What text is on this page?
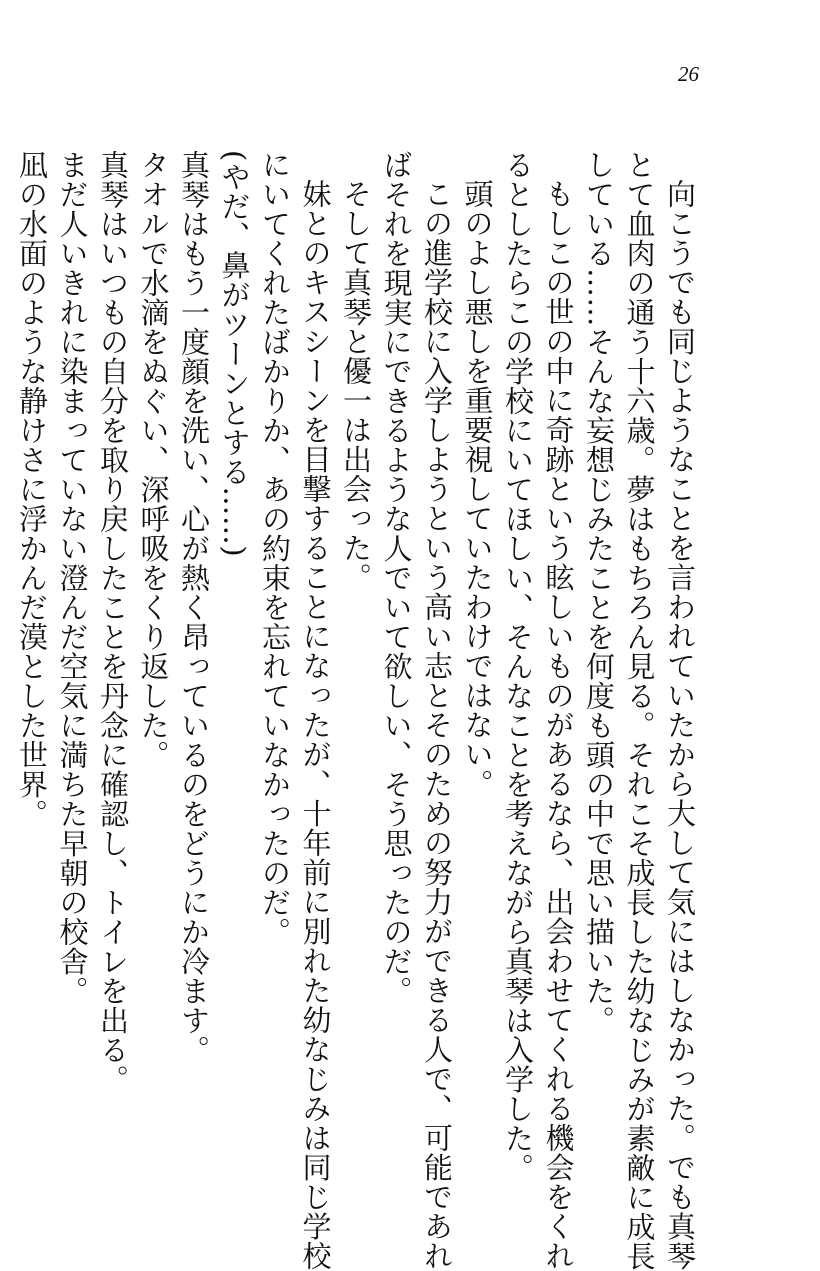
26

向こうでも同じようなことを言われていたから大して気にはしなかった。でも真琴

とて血肉の通う十六歳。夢はもちろん見る。それこそ成長した幼なじみが素敵に成長

している……そんな妄想じみたことを何度も頭の中で思い描いた。

もしこの世の中に奇跡という眩しいものがあるなら、出会わせてくれる機会をくれ

るとしたらこの学校にいてほしい、そんなことを考えながら真琴は入学した。

頭のよし悪しを重要視していたわけではない。

この進学校に入学しようという高い志とそのための努力ができる人で、可能であれ

ばそれを現実にできるような人でいて欲しい、そう思ったのだ。

そして真琴と優一は出会った。

妹とのキスシーンを目撃することになったが、十年前に別れた幼なじみは同じ学校

にいてくれたばかりか、あの約束を忘れていなかったのだ。

(やだ、鼻がツーンとする……)

真琴はもう一度顔を洗い、心が熱く昂っているのをどうにか冷ます。

タオルで水滴をぬぐい、深呼吸をくり返した。

真琴はいつもの自分を取り戻したことを丹念に確認し、トイレを出る。

まだ人いきれに染まっていない澄んだ空気に満ちた早朝の校舎。

凪の水面のような静けさに浮かんだ漠とした世界。
